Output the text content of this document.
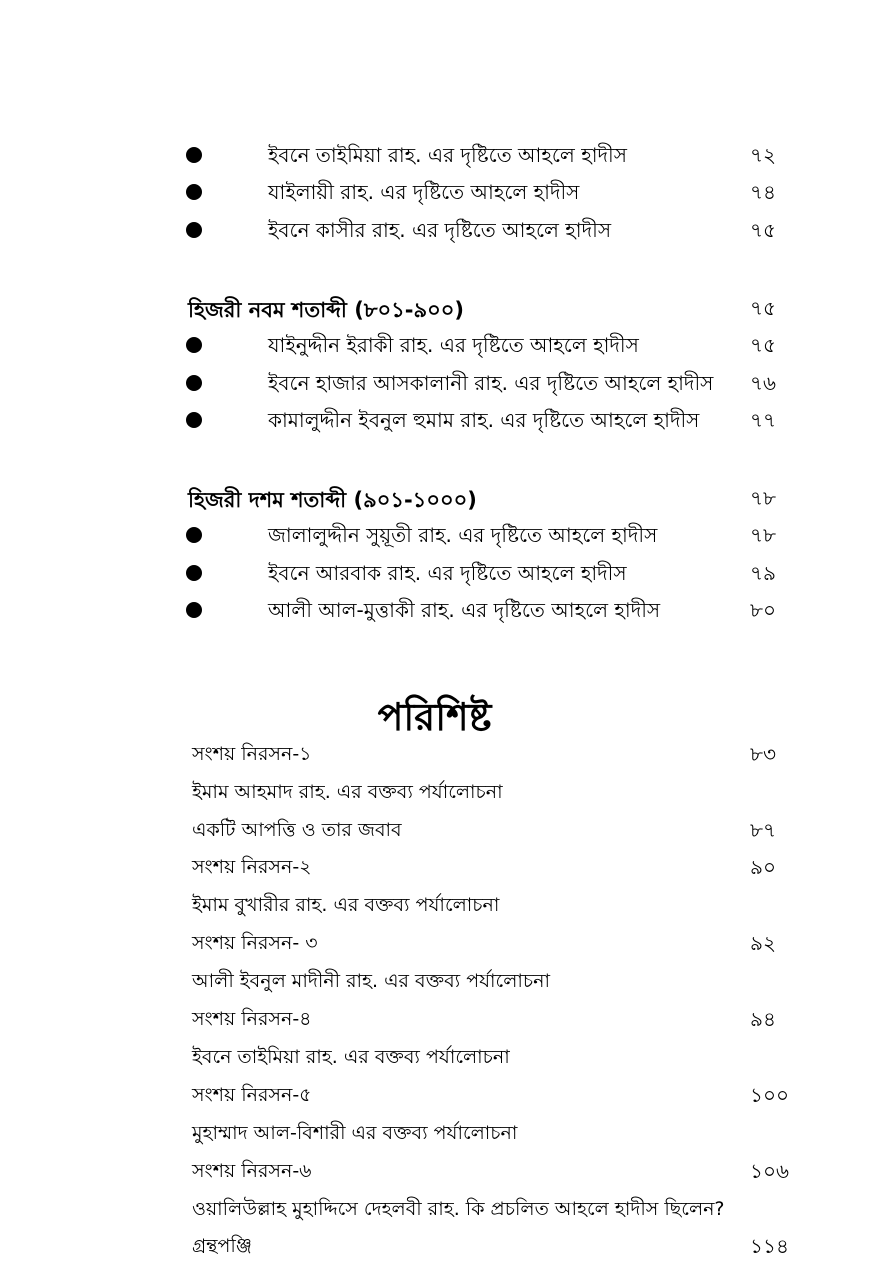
ইবনে তাইমিয়া রাহ. এর দৃষ্টিতে আহলে হাদীস	৭২
যাইলায়ী রাহ. এর দৃষ্টিতে আহলে হাদীস	৭৪
ইবনে কাসীর রাহ. এর দৃষ্টিতে আহলে হাদীস	৭৫
হিজরী নবম শতাব্দী (৮০১-৯০০)	৭৫
যাইনুদ্দীন ইরাকী রাহ. এর দৃষ্টিতে আহলে হাদীস	৭৫
ইবনে হাজার আসকালানী রাহ. এর দৃষ্টিতে আহলে হাদীস ৭৬
কামালুদ্দীন ইবনুল হুমাম রাহ. এর দৃষ্টিতে আহলে হাদীস	৭৭
হিজরী দশম শতাব্দী (৯০১-১০০০)	৭৮
জালালুদ্দীন সুয়ূতী রাহ. এর দৃষ্টিতে আহলে হাদীস	৭৮
ইবনে আরবাক রাহ. এর দৃষ্টিতে আহলে হাদীস	৭৯
আলী আল-মুত্তাকী রাহ. এর দৃষ্টিতে আহলে হাদীস	৮০
পরিশিষ্ট
সংশয় নিরসন-১	৮৩
ইমাম আহমাদ রাহ. এর বক্তব্য পর্যালোচনা
একটি আপত্তি ও তার জবাব	৮৭
সংশয় নিরসন-২	৯০
ইমাম বুখারীর রাহ. এর বক্তব্য পর্যালোচনা
সংশয় নিরসন- ৩	৯২
আলী ইবনুল মাদীনী রাহ. এর বক্তব্য পর্যালোচনা
সংশয় নিরসন-৪	৯৪
ইবনে তাইমিয়া রাহ. এর বক্তব্য পর্যালোচনা
সংশয় নিরসন-৫	১০০
মুহাম্মাদ আল-বিশারী এর বক্তব্য পর্যালোচনা
সংশয় নিরসন-৬	১০৬
ওয়ালিউল্লাহ মুহাদ্দিসে দেহলবী রাহ. কি প্রচলিত আহলে হাদীস ছিলেন?
গ্রন্থপঞ্জি	১১৪
